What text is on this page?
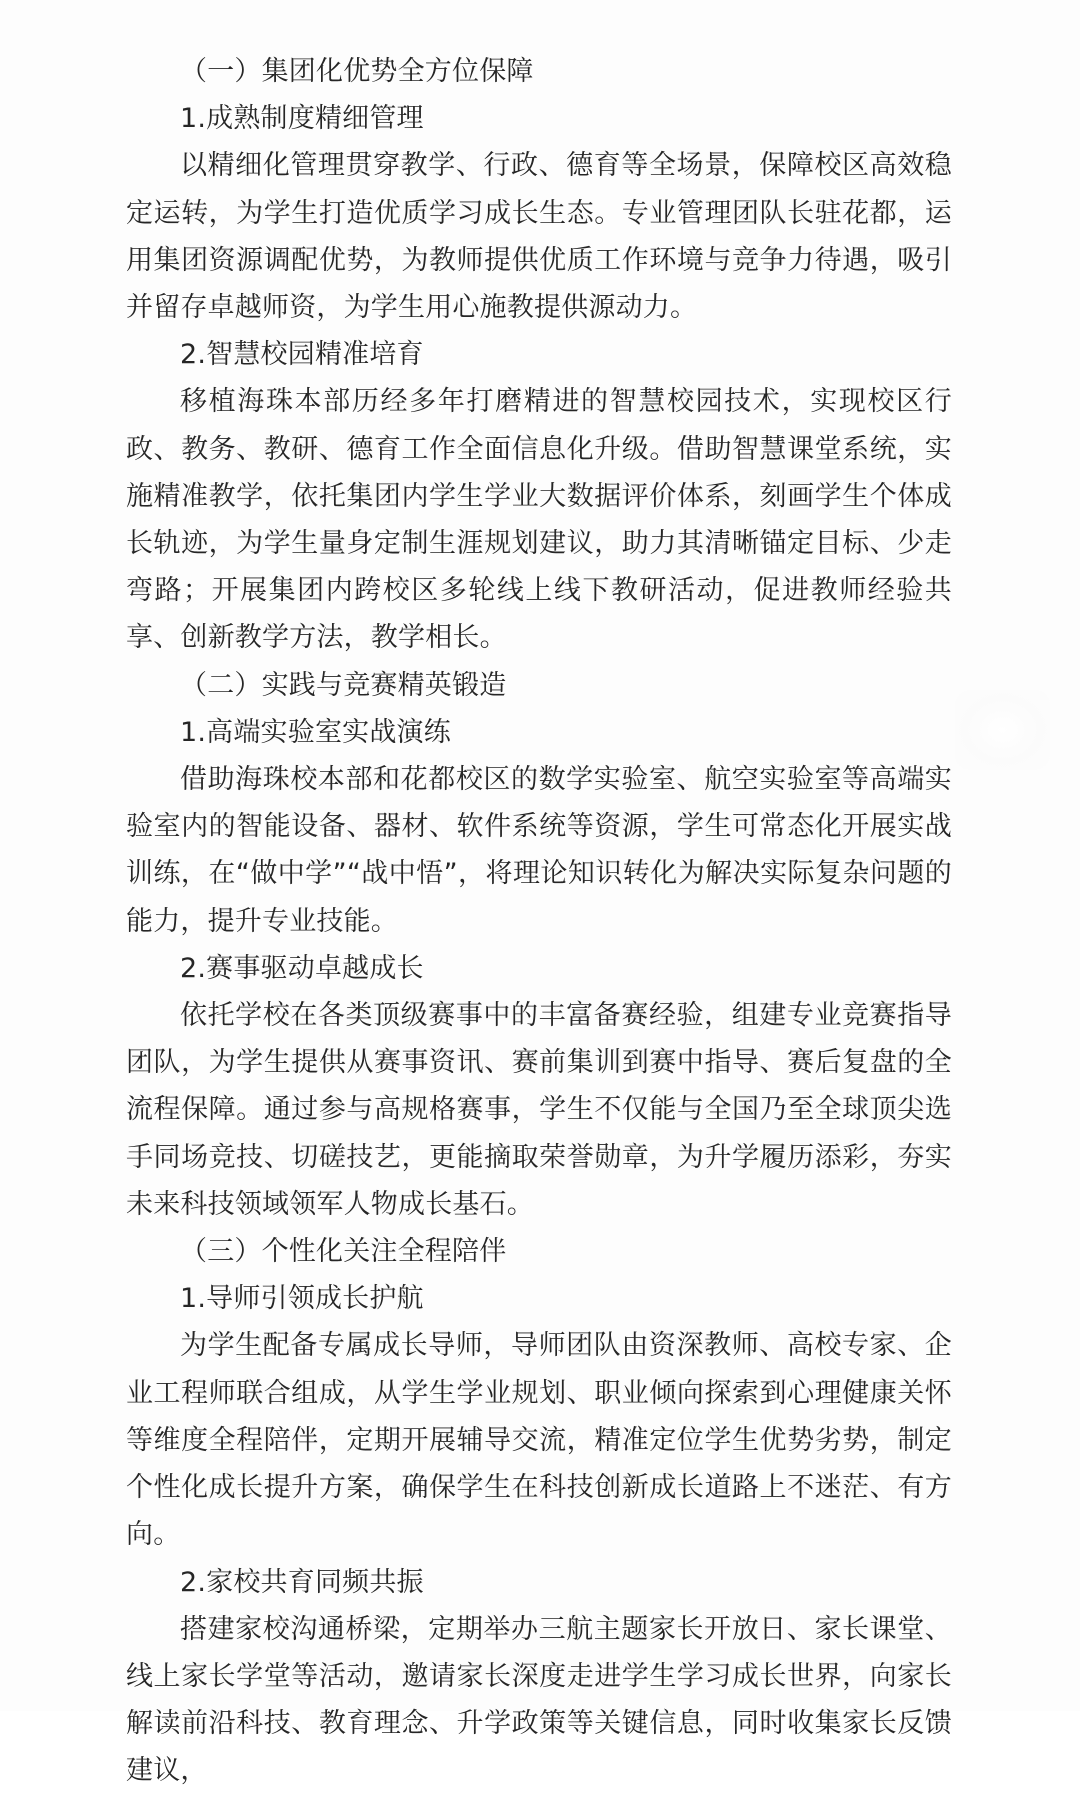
（一）集团化优势全方位保障

1.成熟制度精细管理

以精细化管理贯穿教学、行政、德育等全场景，保障校区高效稳定运转，为学生打造优质学习成长生态。专业管理团队长驻花都，运用集团资源调配优势，为教师提供优质工作环境与竞争力待遇，吸引并留存卓越师资，为学生用心施教提供源动力。

2.智慧校园精准培育

移植海珠本部历经多年打磨精进的智慧校园技术，实现校区行政、教务、教研、德育工作全面信息化升级。借助智慧课堂系统，实施精准教学，依托集团内学生学业大数据评价体系，刻画学生个体成长轨迹，为学生量身定制生涯规划建议，助力其清晰锚定目标、少走弯路；开展集团内跨校区多轮线上线下教研活动，促进教师经验共享、创新教学方法，教学相长。

（二）实践与竞赛精英锻造

1.高端实验室实战演练

借助海珠校本部和花都校区的数学实验室、航空实验室等高端实验室内的智能设备、器材、软件系统等资源，学生可常态化开展实战训练，在“做中学”“战中悟”，将理论知识转化为解决实际复杂问题的能力，提升专业技能。

2.赛事驱动卓越成长

依托学校在各类顶级赛事中的丰富备赛经验，组建专业竞赛指导团队，为学生提供从赛事资讯、赛前集训到赛中指导、赛后复盘的全流程保障。通过参与高规格赛事，学生不仅能与全国乃至全球顶尖选手同场竞技、切磋技艺，更能摘取荣誉勋章，为升学履历添彩，夯实未来科技领域领军人物成长基石。

（三）个性化关注全程陪伴

1.导师引领成长护航

为学生配备专属成长导师，导师团队由资深教师、高校专家、企业工程师联合组成，从学生学业规划、职业倾向探索到心理健康关怀等维度全程陪伴，定期开展辅导交流，精准定位学生优势劣势，制定个性化成长提升方案，确保学生在科技创新成长道路上不迷茫、有方向。

2.家校共育同频共振

搭建家校沟通桥梁，定期举办三航主题家长开放日、家长课堂、线上家长学堂等活动，邀请家长深度走进学生学习成长世界，向家长解读前沿科技、教育理念、升学政策等关键信息，同时收集家长反馈建议，
